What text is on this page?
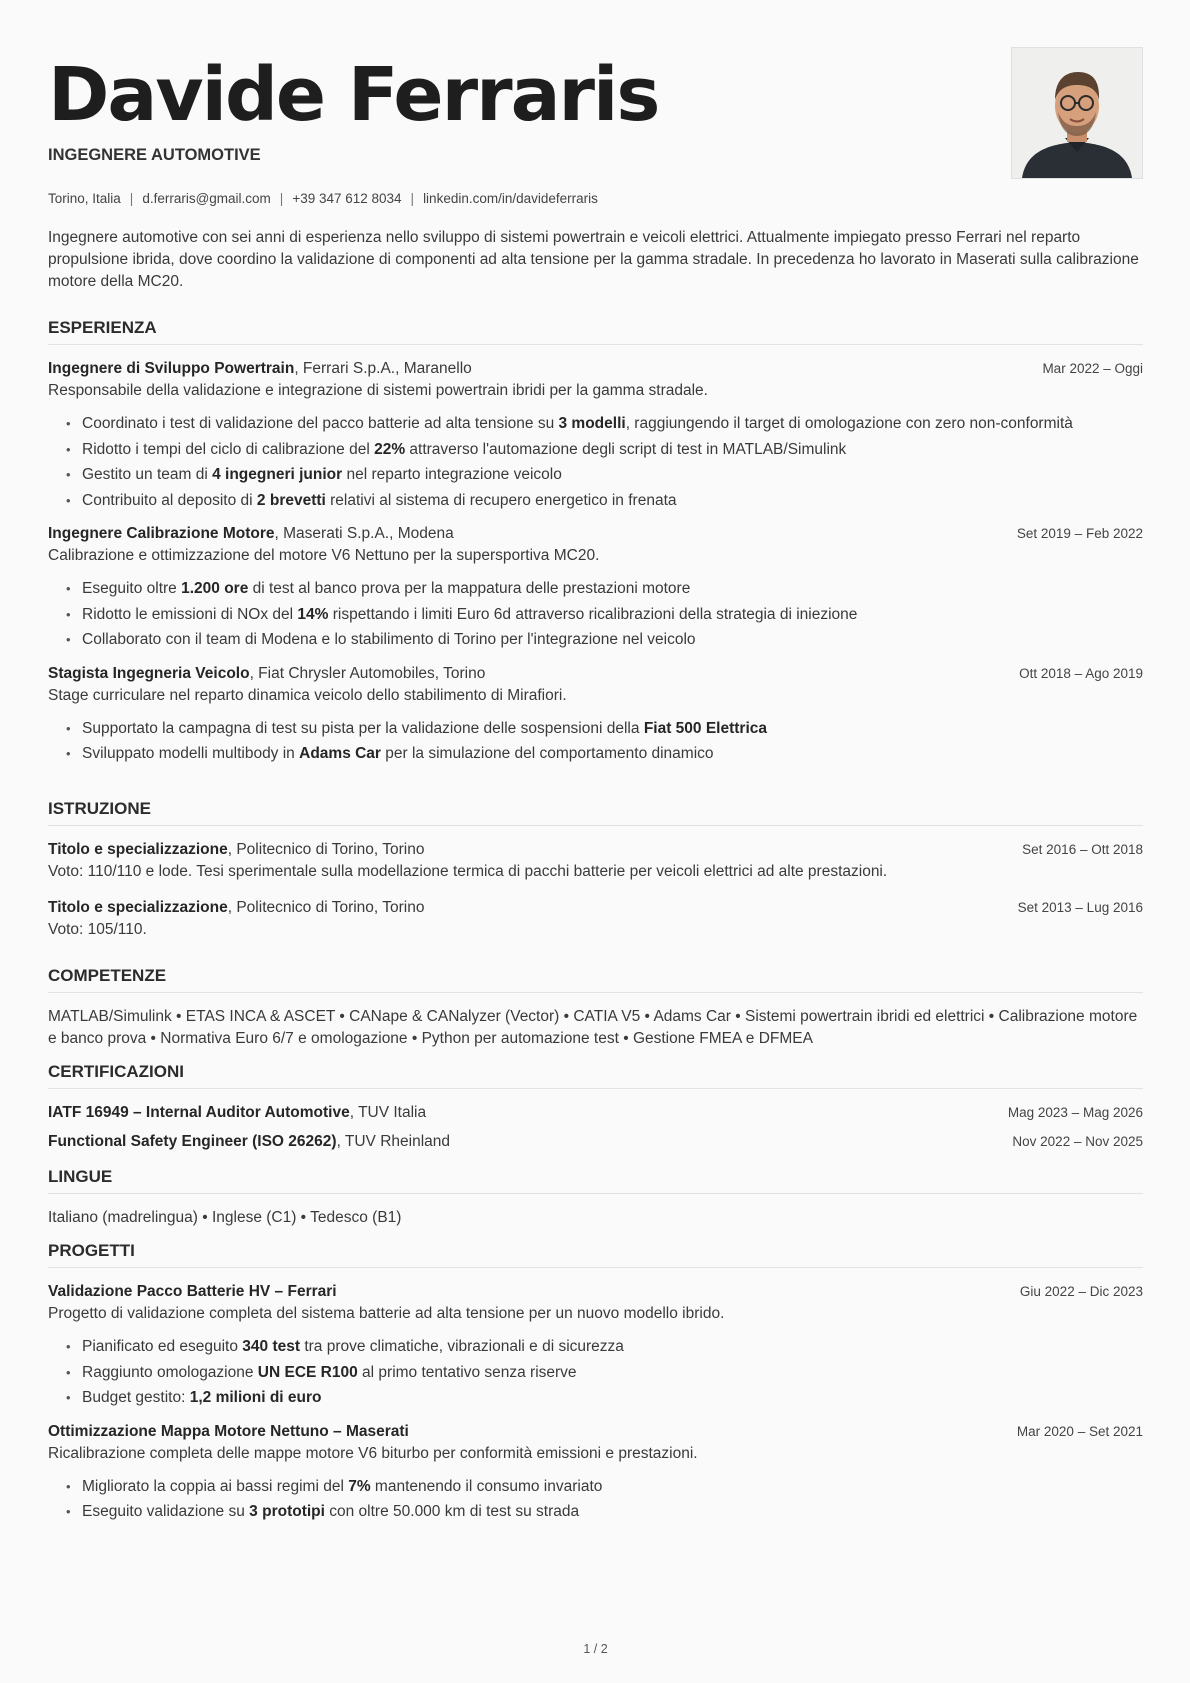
Davide Ferraris
INGEGNERE AUTOMOTIVE
Torino, Italia | d.ferraris@gmail.com | +39 347 612 8034 | linkedin.com/in/davideferraris
Ingegnere automotive con sei anni di esperienza nello sviluppo di sistemi powertrain e veicoli elettrici. Attualmente impiegato presso Ferrari nel reparto propulsione ibrida, dove coordino la validazione di componenti ad alta tensione per la gamma stradale. In precedenza ho lavorato in Maserati sulla calibrazione motore della MC20.
ESPERIENZA
Ingegnere di Sviluppo Powertrain, Ferrari S.p.A., Maranello	Mar 2022 – Oggi
Responsabile della validazione e integrazione di sistemi powertrain ibridi per la gamma stradale.
• Coordinato i test di validazione del pacco batterie ad alta tensione su 3 modelli, raggiungendo il target di omologazione con zero non-conformità
• Ridotto i tempi del ciclo di calibrazione del 22% attraverso l'automazione degli script di test in MATLAB/Simulink
• Gestito un team di 4 ingegneri junior nel reparto integrazione veicolo
• Contribuito al deposito di 2 brevetti relativi al sistema di recupero energetico in frenata
Ingegnere Calibrazione Motore, Maserati S.p.A., Modena	Set 2019 – Feb 2022
Calibrazione e ottimizzazione del motore V6 Nettuno per la supersportiva MC20.
• Eseguito oltre 1.200 ore di test al banco prova per la mappatura delle prestazioni motore
• Ridotto le emissioni di NOx del 14% rispettando i limiti Euro 6d attraverso ricalibrazioni della strategia di iniezione
• Collaborato con il team di Modena e lo stabilimento di Torino per l'integrazione nel veicolo
Stagista Ingegneria Veicolo, Fiat Chrysler Automobiles, Torino	Ott 2018 – Ago 2019
Stage curriculare nel reparto dinamica veicolo dello stabilimento di Mirafiori.
• Supportato la campagna di test su pista per la validazione delle sospensioni della Fiat 500 Elettrica
• Sviluppato modelli multibody in Adams Car per la simulazione del comportamento dinamico
ISTRUZIONE
Titolo e specializzazione, Politecnico di Torino, Torino	Set 2016 – Ott 2018
Voto: 110/110 e lode. Tesi sperimentale sulla modellazione termica di pacchi batterie per veicoli elettrici ad alte prestazioni.
Titolo e specializzazione, Politecnico di Torino, Torino	Set 2013 – Lug 2016
Voto: 105/110.
COMPETENZE
MATLAB/Simulink • ETAS INCA & ASCET • CANape & CANalyzer (Vector) • CATIA V5 • Adams Car • Sistemi powertrain ibridi ed elettrici • Calibrazione motore e banco prova • Normativa Euro 6/7 e omologazione • Python per automazione test • Gestione FMEA e DFMEA
CERTIFICAZIONI
IATF 16949 – Internal Auditor Automotive, TUV Italia	Mag 2023 – Mag 2026
Functional Safety Engineer (ISO 26262), TUV Rheinland	Nov 2022 – Nov 2025
LINGUE
Italiano (madrelingua) • Inglese (C1) • Tedesco (B1)
PROGETTI
Validazione Pacco Batterie HV – Ferrari	Giu 2022 – Dic 2023
Progetto di validazione completa del sistema batterie ad alta tensione per un nuovo modello ibrido.
• Pianificato ed eseguito 340 test tra prove climatiche, vibrazionali e di sicurezza
• Raggiunto omologazione UN ECE R100 al primo tentativo senza riserve
• Budget gestito: 1,2 milioni di euro
Ottimizzazione Mappa Motore Nettuno – Maserati	Mar 2020 – Set 2021
Ricalibrazione completa delle mappe motore V6 biturbo per conformità emissioni e prestazioni.
• Migliorato la coppia ai bassi regimi del 7% mantenendo il consumo invariato
• Eseguito validazione su 3 prototipi con oltre 50.000 km di test su strada
1 / 2
